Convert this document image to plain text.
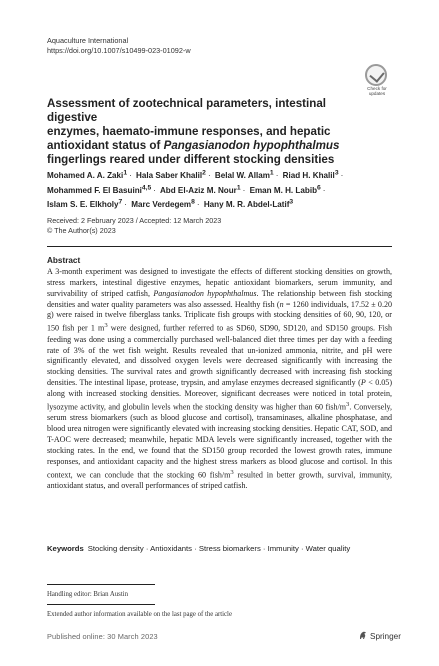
Aquaculture International
https://doi.org/10.1007/s10499-023-01092-w
Check for
updates
Assessment of zootechnical parameters, intestinal digestive
enzymes, haemato-immune responses, and hepatic
antioxidant status of Pangasianodon hypophthalmus
fingerlings reared under different stocking densities
Mohamed A. A. Zaki$^1$ · Hala Saber Khalil$^2$ · Belal W. Allam$^1$ · Riad H. Khalil$^3$ ·
Mohammed F. El Basuini$^{4,5}$ · Abd El-Aziz M. Nour$^1$ · Eman M. H. Labib$^6$ ·
Islam S. E. Elkholy$^7$ · Marc Verdegem$^8$ · Hany M. R. Abdel-Latif$^3$
Received: 2 February 2023 / Accepted: 12 March 2023
© The Author(s) 2023
Abstract

A 3-month experiment was designed to investigate the effects of different stocking densities on growth, stress markers, intestinal digestive enzymes, hepatic antioxidant biomarkers, serum immunity, and survivability of striped catfish, Pangasianodon hypophthalmus. The relationship between fish stocking densities and water quality parameters was also assessed. Healthy fish (n = 1260 individuals, 17.52 ± 0.20 g) were raised in twelve fiberglass tanks. Triplicate fish groups with stocking densities of 60, 90, 120, or 150 fish per 1 $m^3$ were designed, further referred to as SD60, SD90, SD120, and SD150 groups. Fish feeding was done using a commercially purchased well-balanced diet three times per day with a feeding rate of 3% of the wet fish weight. Results revealed that un-ionized ammonia, nitrite, and pH were significantly elevated, and dissolved oxygen levels were decreased significantly with increasing the stocking densities. The survival rates and growth significantly decreased with increasing fish stocking densities. The intestinal lipase, protease, trypsin, and amylase enzymes decreased significantly (P < 0.05) along with increased stocking densities. Moreover, significant decreases were noticed in total protein, lysozyme activity, and globulin levels when the stocking density was higher than 60 fish/$m^3$. Conversely, serum stress biomarkers (such as blood glucose and cortisol), transaminases, alkaline phosphatase, and blood urea nitrogen were significantly elevated with increasing stocking densities. Hepatic CAT, SOD, and T-AOC were decreased; meanwhile, hepatic MDA levels were significantly increased, together with the stocking rates. In the end, we found that the SD150 group recorded the lowest growth rates, immune responses, and antioxidant capacity and the highest stress markers as blood glucose and cortisol. In this context, we can conclude that the stocking 60 fish/$m^3$ resulted in better growth, survival, immunity, antioxidant status, and overall performances of striped catfish.

Keywords Stocking density · Antioxidants · Stress biomarkers · Immunity · Water quality
Handling editor: Brian Austin
Extended author information available on the last page of the article
Published online: 30 March 2023	Springer
